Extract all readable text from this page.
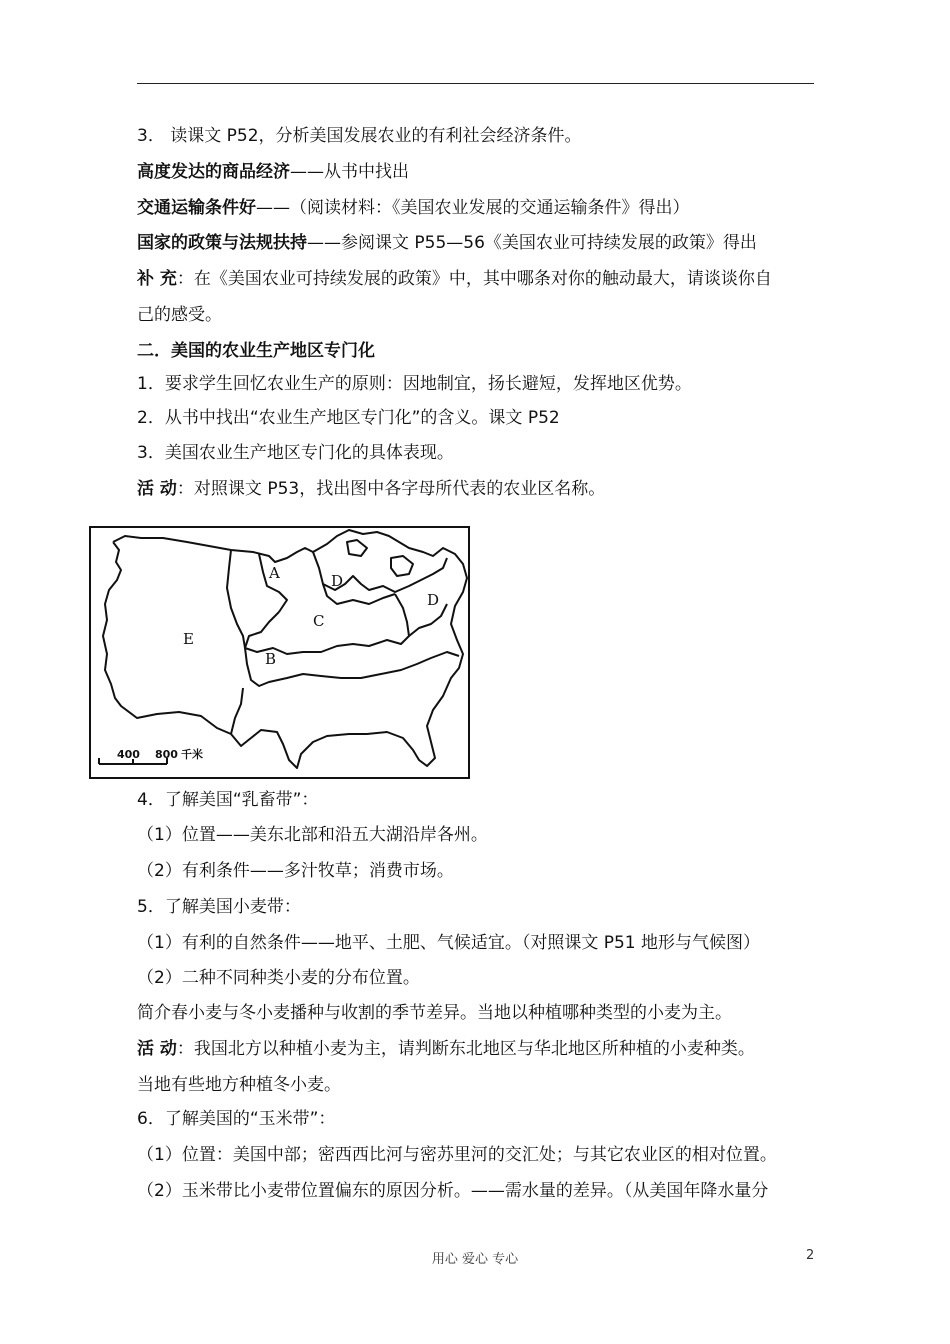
3． 读课文 P52，分析美国发展农业的有利社会经济条件。
高度发达的商品经济——从书中找出
交通运输条件好——（阅读材料：《美国农业发展的交通运输条件》得出）
国家的政策与法规扶持——参阅课文 P55—56《美国农业可持续发展的政策》得出
补 充：在《美国农业可持续发展的政策》中，其中哪条对你的触动最大，请谈谈你自
己的感受。
二．美国的农业生产地区专门化
1．要求学生回忆农业生产的原则：因地制宜，扬长避短，发挥地区优势。
2．从书中找出“农业生产地区专门化”的含义。课文 P52
3．美国农业生产地区专门化的具体表现。
活 动：对照课文 P53，找出图中各字母所代表的农业区名称。
A	D
D
C
E
B
400 800 千米
4．了解美国“乳畜带”：
（1）位置——美东北部和沿五大湖沿岸各州。
（2）有利条件——多汁牧草；消费市场。
5．了解美国小麦带：
（1）有利的自然条件——地平、土肥、气候适宜。（对照课文 P51 地形与气候图）
（2）二种不同种类小麦的分布位置。
简介春小麦与冬小麦播种与收割的季节差异。当地以种植哪种类型的小麦为主。
活 动：我国北方以种植小麦为主，请判断东北地区与华北地区所种植的小麦种类。
当地有些地方种植冬小麦。
6．了解美国的“玉米带”：
（1）位置：美国中部；密西西比河与密苏里河的交汇处；与其它农业区的相对位置。
（2）玉米带比小麦带位置偏东的原因分析。——需水量的差异。（从美国年降水量分
用心 爱心 专心	2
